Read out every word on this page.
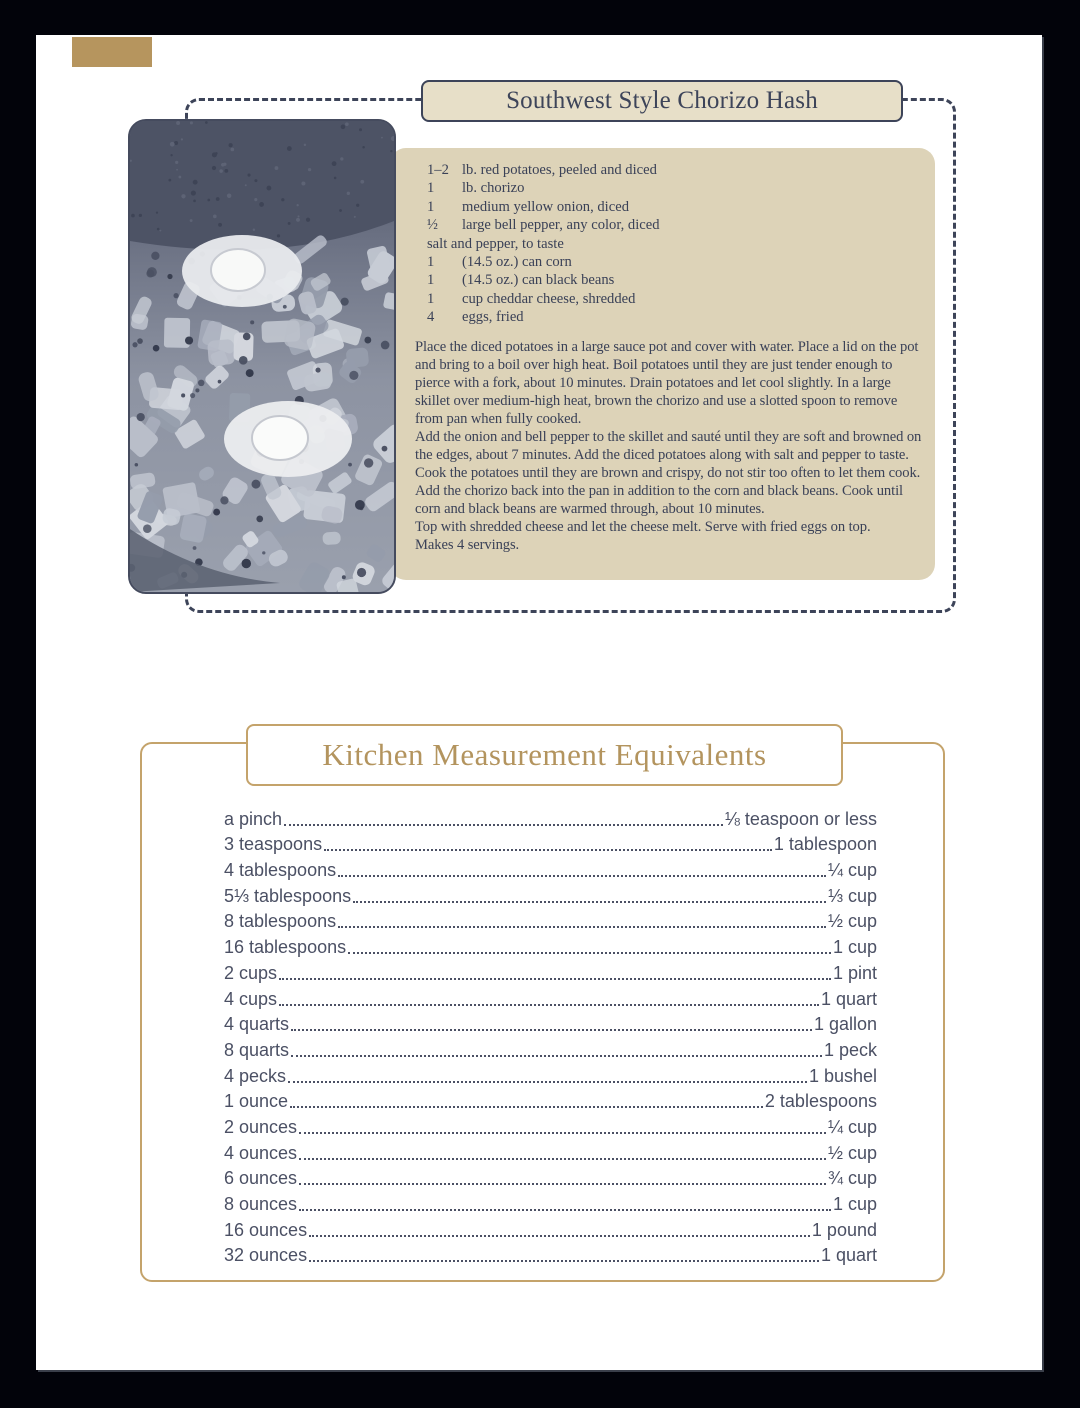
1–2 lb. red potatoes, peeled and diced
1	lb. chorizo
1	medium yellow onion, diced
½	large bell pepper, any color, diced
salt and pepper, to taste
1	(14.5 oz.) can corn
1	(14.5 oz.) can black beans
1	cup cheddar cheese, shredded
4	eggs, fried

Place the diced potatoes in a large sauce pot and cover with water. Place a lid on the pot and bring to a boil over high heat. Boil potatoes until they are just tender enough to pierce with a fork, about 10 minutes. Drain potatoes and let cool slightly. In a large skillet over medium-high heat, brown the chorizo and use a slotted spoon to remove from pan when fully cooked.

Add the onion and bell pepper to the skillet and sauté until they are soft and browned on the edges, about 7 minutes. Add the diced potatoes along with salt and pepper to taste. Cook the potatoes until they are brown and crispy, do not stir too often to let them cook.

Add the chorizo back into the pan in addition to the corn and black beans. Cook until corn and black beans are warmed through, about 10 minutes.

Top with shredded cheese and let the cheese melt. Serve with fried eggs on top.

Makes 4 servings.

Southwest Style Chorizo Hash
Kitchen Measurement Equivalents
a pinch	⅛ teaspoon or less
3 teaspoons	1 tablespoon
4 tablespoons	¼ cup
5⅓ tablespoons	⅓ cup
8 tablespoons	½ cup
16 tablespoons	1 cup
2 cups	1 pint
4 cups	1 quart
4 quarts	1 gallon
8 quarts	1 peck
4 pecks	1 bushel
1 ounce	2 tablespoons
2 ounces	¼ cup
4 ounces	½ cup
6 ounces	¾ cup
8 ounces	1 cup
16 ounces	1 pound
32 ounces	1 quart
